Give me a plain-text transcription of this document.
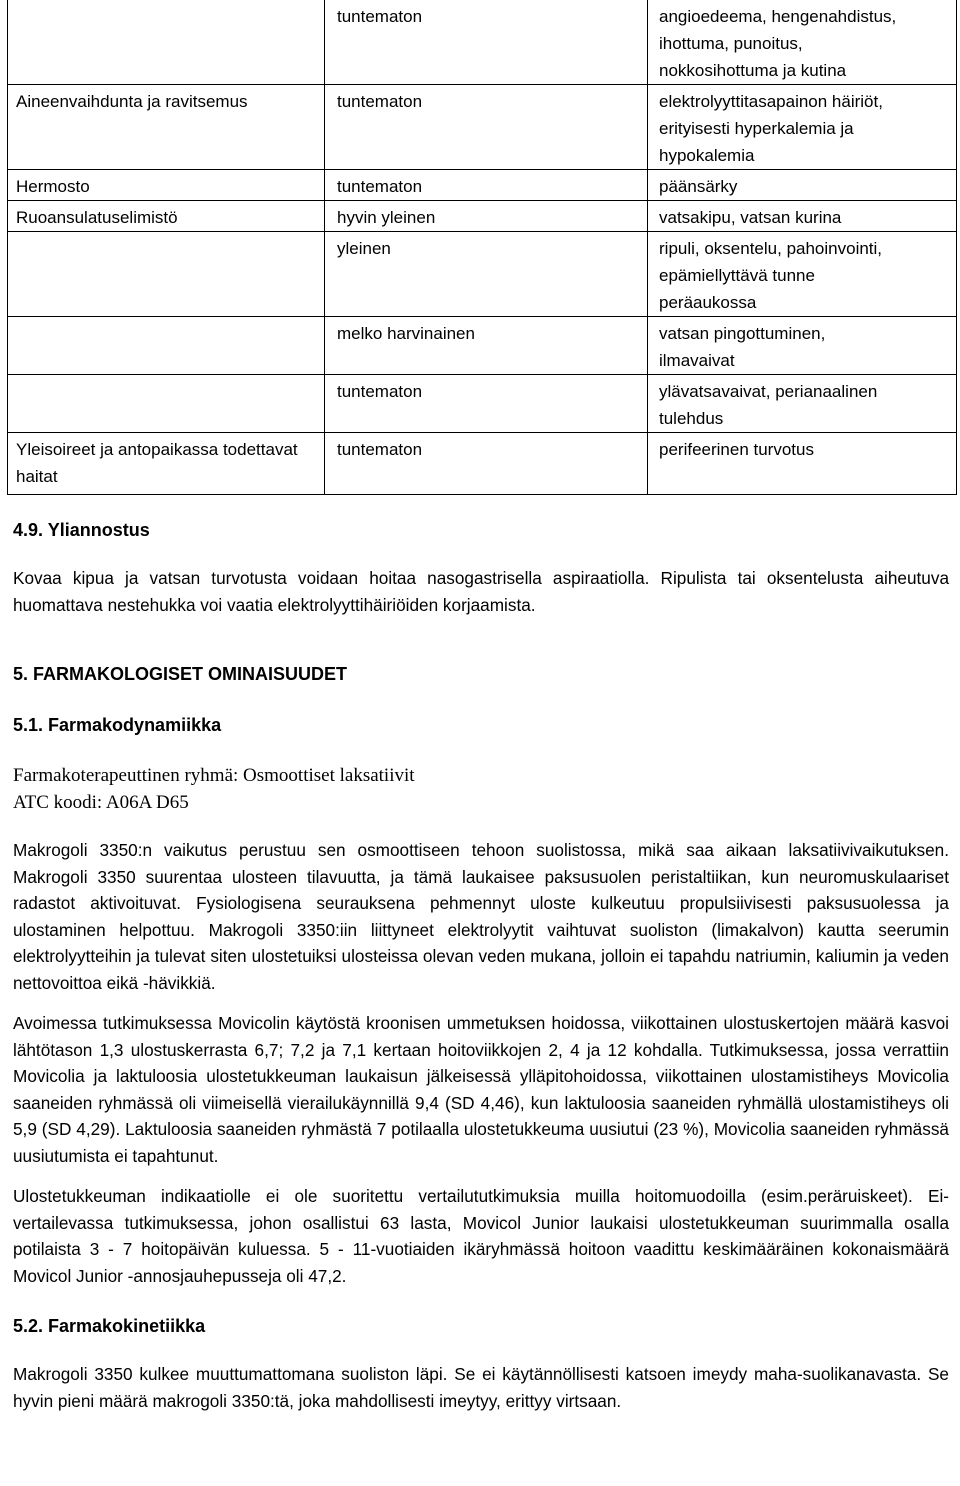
	tuntematon	angioedeema, hengenahdistus,
ihottuma, punoitus,
nokkosihottuma ja kutina

Aineenvaihdunta ja ravitsemus	tuntematon	elektrolyyttitasapainon häiriöt,
erityisesti hyperkalemia ja
hypokalemia

Hermosto	tuntematon	päänsärky

Ruoansulatuselimistö	hyvin yleinen	vatsakipu, vatsan kurina

	yleinen	ripuli, oksentelu, pahoinvointi,
epämiellyttävä tunne
peräaukossa

	melko harvinainen	vatsan pingottuminen,
ilmavaivat

	tuntematon	ylävatsavaivat, perianaalinen
tulehdus

Yleisoireet ja antopaikassa todettavat haitat	tuntematon	perifeerinen turvotus
4.9. Yliannostus

Kovaa kipua ja vatsan turvotusta voidaan hoitaa nasogastrisella aspiraatiolla. Ripulista tai oksentelusta aiheutuva huomattava nestehukka voi vaatia elektrolyyttihäiriöiden korjaamista.

5. FARMAKOLOGISET OMINAISUUDET
5.1. Farmakodynamiikka

Farmakoterapeuttinen ryhmä: Osmoottiset laksatiivit

ATC koodi: A06A D65

Makrogoli 3350:n vaikutus perustuu sen osmoottiseen tehoon suolistossa, mikä saa aikaan laksatiivivaikutuksen. Makrogoli 3350 suurentaa ulosteen tilavuutta, ja tämä laukaisee paksusuolen peristaltiikan, kun neuromuskulaariset radastot aktivoituvat. Fysiologisena seurauksena pehmennyt uloste kulkeutuu propulsiivisesti paksusuolessa ja ulostaminen helpottuu. Makrogoli 3350:iin liittyneet elektrolyytit vaihtuvat suoliston (limakalvon) kautta seerumin elektrolyytteihin ja tulevat siten ulostetuiksi ulosteissa olevan veden mukana, jolloin ei tapahdu natriumin, kaliumin ja veden nettovoittoa eikä -hävikkiä.

Avoimessa tutkimuksessa Movicolin käytöstä kroonisen ummetuksen hoidossa, viikottainen ulostuskertojen määrä kasvoi lähtötason 1,3 ulostuskerrasta 6,7; 7,2 ja 7,1 kertaan hoitoviikkojen 2, 4 ja 12 kohdalla. Tutkimuksessa, jossa verrattiin Movicolia ja laktuloosia ulostetukkeuman laukaisun jälkeisessä ylläpitohoidossa, viikottainen ulostamistiheys Movicolia saaneiden ryhmässä oli viimeisellä vierailukäynnillä 9,4 (SD 4,46), kun laktuloosia saaneiden ryhmällä ulostamistiheys oli 5,9 (SD 4,29). Laktuloosia saaneiden ryhmästä 7 potilaalla ulostetukkeuma uusiutui (23 %), Movicolia saaneiden ryhmässä uusiutumista ei tapahtunut.

Ulostetukkeuman indikaatiolle ei ole suoritettu vertailututkimuksia muilla hoitomuodoilla (esim.peräruiskeet). Ei-vertailevassa tutkimuksessa, johon osallistui 63 lasta, Movicol Junior laukaisi ulostetukkeuman suurimmalla osalla potilaista 3 - 7 hoitopäivän kuluessa. 5 - 11-vuotiaiden ikäryhmässä hoitoon vaadittu keskimääräinen kokonaismäärä Movicol Junior -annosjauhepusseja oli 47,2.

5.2. Farmakokinetiikka

Makrogoli 3350 kulkee muuttumattomana suoliston läpi. Se ei käytännöllisesti katsoen imeydy maha-suolikanavasta. Se hyvin pieni määrä makrogoli 3350:tä, joka mahdollisesti imeytyy, erittyy virtsaan.
